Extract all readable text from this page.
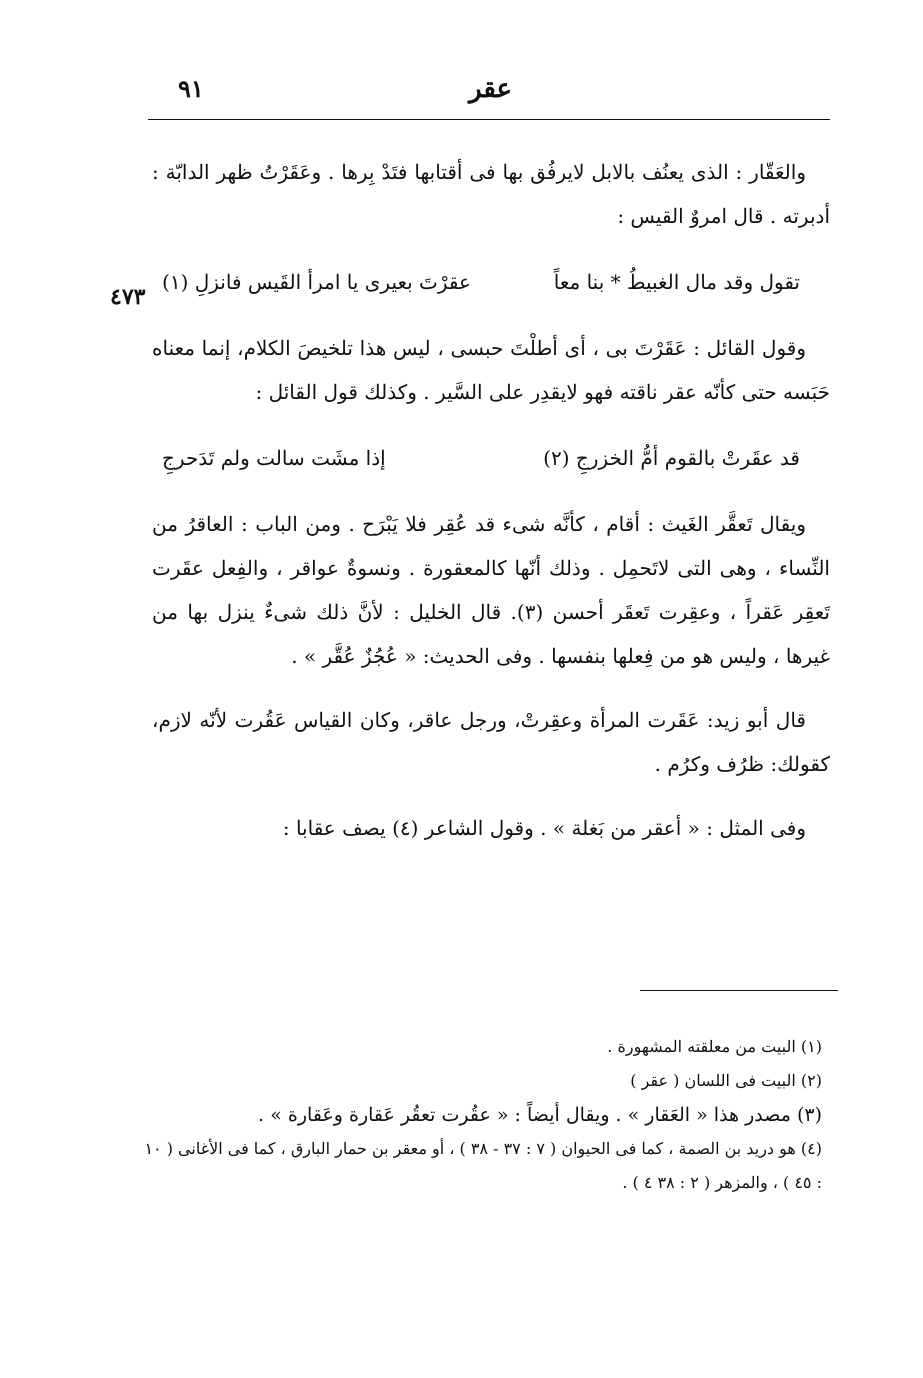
عقر
٩١
٤٧٣

والعَقّار : الذى يعنُف بالابل لايرفُق بها فى أقتابها فتَدْ بِرها . وعَقَرْتُ ظهر الدابّة : أدبرته . قال امروٌ القيس :

تقول وقد مال الغبيطُ * بنا معاً
عقرْتَ بعيرى يا امرأ القَيس فانزلِ (١)

وقول القائل : عَقَرْتَ بى ، أى أطلْتَ حبسى ، ليس هذا تلخيصَ الكلام، إنما معناه حَبَسه حتى كأنّه عقر ناقته فهو لايقدِر على السَّير . وكذلك قول القائل :

قد عقَرتْ بالقوم أمُّ الخزرجِ (٢)
إذا مشَت سالت ولم تَدَحرجِ

ويقال تَعقَّر الغَيث : أقام ، كأنَّه شىء قد عُقِر فلا يَبْرَح . ومن الباب : العاقرُ من النِّساء ، وهى التى لاتَحمِل . وذلك أنّها كالمعقورة . ونسوةٌ عواقر ، والفِعل عقَرت تَعقِر عَقراً ، وعقِرت تَعقَر أحسن (٣). قال الخليل : لأنَّ ذلك شىءٌ ينزل بها من غيرها ، وليس هو من فِعلها بنفسها . وفى الحديث: « عُجُزٌ عُقَّر » .

قال أبو زيد: عَقَرت المرأة وعقِرتْ، ورجل عاقر، وكان القياس عَقُرت لأنّه لازم، كقولك: ظرُف وكرُم .

وفى المثل : « أعقر من بَغلة » . وقول الشاعر (٤) يصف عقابا :

(١) البيت من معلقته المشهورة .

(٢) البيت فى اللسان ( عقر )

(٣) مصدر هذا « العَقار » . ويقال أيضاً : « عقُرت تعقُر عَقارة وعَقارة » .

(٤) هو دريد بن الصمة ، كما فى الحيوان ( ٧ : ٣٧ - ٣٨ ) ، أو معقر بن حمار البارق ، كما فى الأغانى ( ١٠ : ٤٥ ) ، والمزهر ( ٢ : ٣٨ ٤ ) .
